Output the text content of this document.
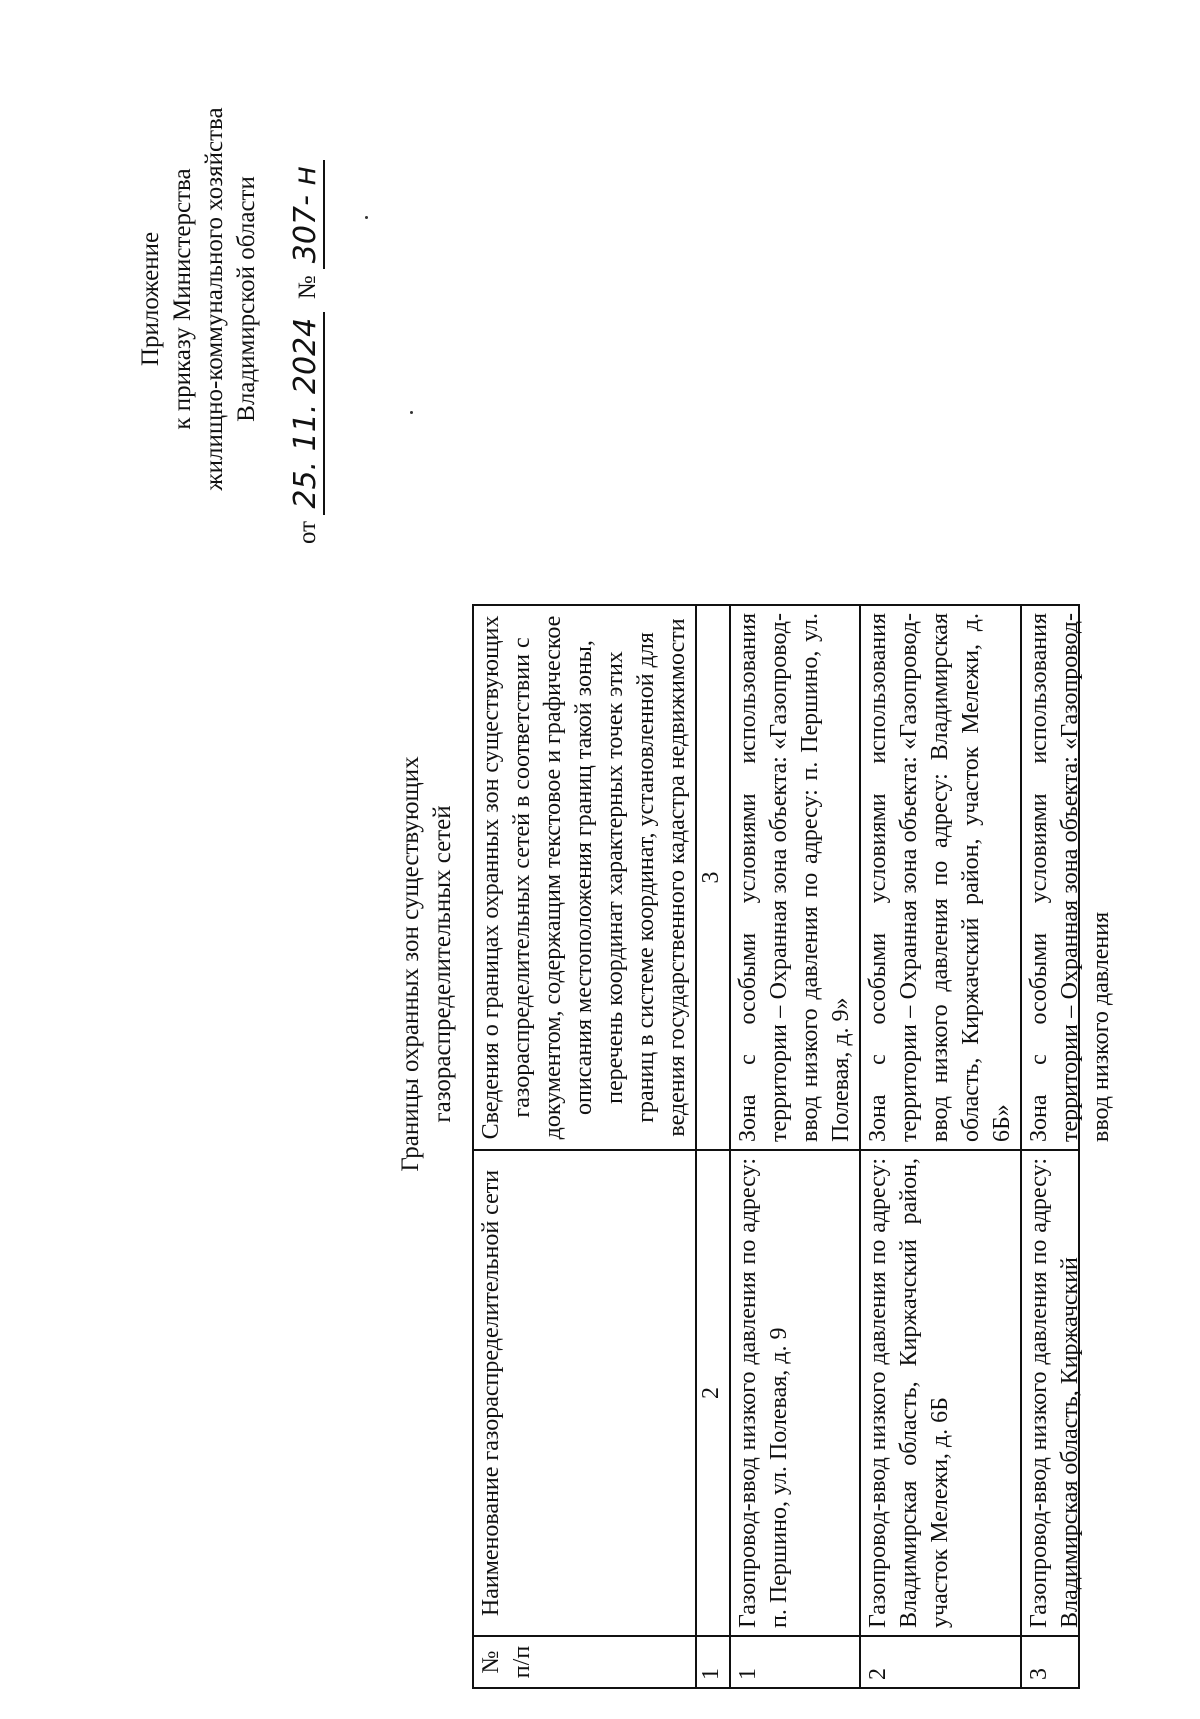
Приложение к приказу Министерства жилищно-коммунального хозяйства Владимирской области
от 25. 11. 2024  № 307- н
Границы охранных зон существующих газораспределительных сетей
№ п/п	Наименование газораспределительной сети	Сведения о границах охранных зон существующих газораспределительных сетей в соответствии с документом, содержащим текстовое и графическое описания местоположения границ такой зоны, перечень координат характерных точек этих границ в системе координат, установленной для ведения государственного кадастра недвижимости
1	2	3
1	Газопровод-ввод низкого давления по адресу: п. Першино, ул. Полевая, д. 9	Зона с особыми условиями использования территории – Охранная зона объекта: «Газопровод-ввод низкого давления по адресу: п. Першино, ул. Полевая, д. 9»
2	Газопровод-ввод низкого давления по адресу: Владимирская область, Киржачский район, участок Мележи, д. 6Б	Зона с особыми условиями использования территории – Охранная зона объекта: «Газопровод-ввод низкого давления по адресу: Владимирская область, Киржачский район, участок Мележи, д. 6Б»

3	Газопровод-ввод низкого давления по адресу: Владимирская область, Киржачский	Зона с особыми условиями использования территории – Охранная зона объекта: «Газопровод-ввод низкого давления
